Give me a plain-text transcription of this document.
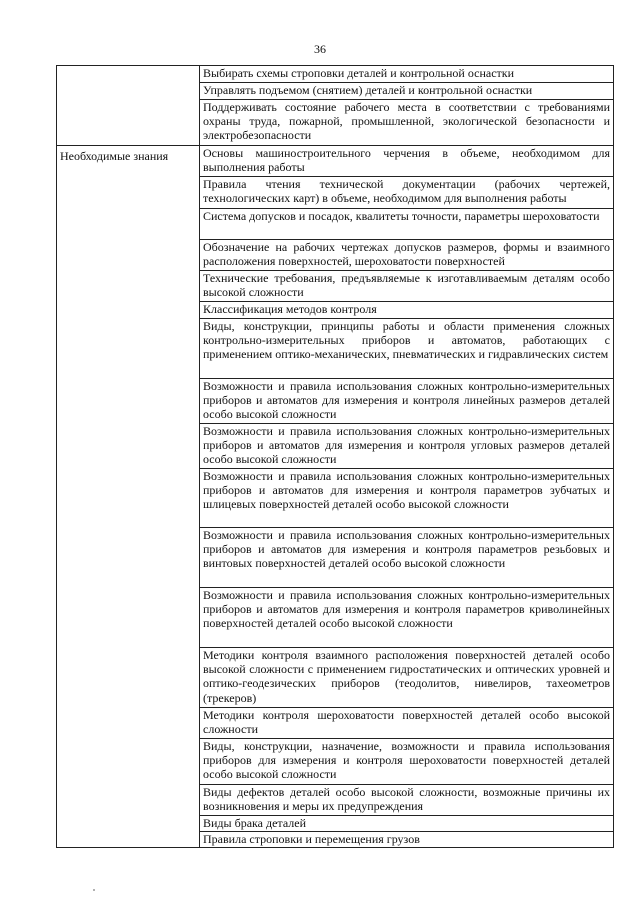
36
	Выбирать схемы строповки деталей и контрольной оснастки
	Управлять подъемом (снятием) деталей и контрольной оснастки
	Поддерживать состояние рабочего места в соответствии с требованиями охраны труда, пожарной, промышленной, экологической безопасности и электробезопасности
Необходимые знания	Основы машиностроительного черчения в объеме, необходимом для выполнения работы
	Правила чтения технической документации (рабочих чертежей, технологических карт) в объеме, необходимом для выполнения работы
	Система допусков и посадок, квалитеты точности, параметры шероховатости
	Обозначение на рабочих чертежах допусков размеров, формы и взаимного расположения поверхностей, шероховатости поверхностей
	Технические требования, предъявляемые к изготавливаемым деталям особо высокой сложности
	Классификация методов контроля
	Виды, конструкции, принципы работы и области применения сложных контрольно-измерительных приборов и автоматов, работающих с применением оптико-механических, пневматических и гидравлических систем
	Возможности и правила использования сложных контрольно-измерительных приборов и автоматов для измерения и контроля линейных размеров деталей особо высокой сложности
	Возможности и правила использования сложных контрольно-измерительных приборов и автоматов для измерения и контроля угловых размеров деталей особо высокой сложности
	Возможности и правила использования сложных контрольно-измерительных приборов и автоматов для измерения и контроля параметров зубчатых и шлицевых поверхностей деталей особо высокой сложности
	Возможности и правила использования сложных контрольно-измерительных приборов и автоматов для измерения и контроля параметров резьбовых и винтовых поверхностей деталей особо высокой сложности
	Возможности и правила использования сложных контрольно-измерительных приборов и автоматов для измерения и контроля параметров криволинейных поверхностей деталей особо высокой сложности
	Методики контроля взаимного расположения поверхностей деталей особо высокой сложности с применением гидростатических и оптических уровней и оптико-геодезических приборов (теодолитов, нивелиров, тахеометров (трекеров)
	Методики контроля шероховатости поверхностей деталей особо высокой сложности
	Виды, конструкции, назначение, возможности и правила использования приборов для измерения и контроля шероховатости поверхностей деталей особо высокой сложности
	Виды дефектов деталей особо высокой сложности, возможные причины их возникновения и меры их предупреждения
	Виды брака деталей
	Правила строповки и перемещения грузов
